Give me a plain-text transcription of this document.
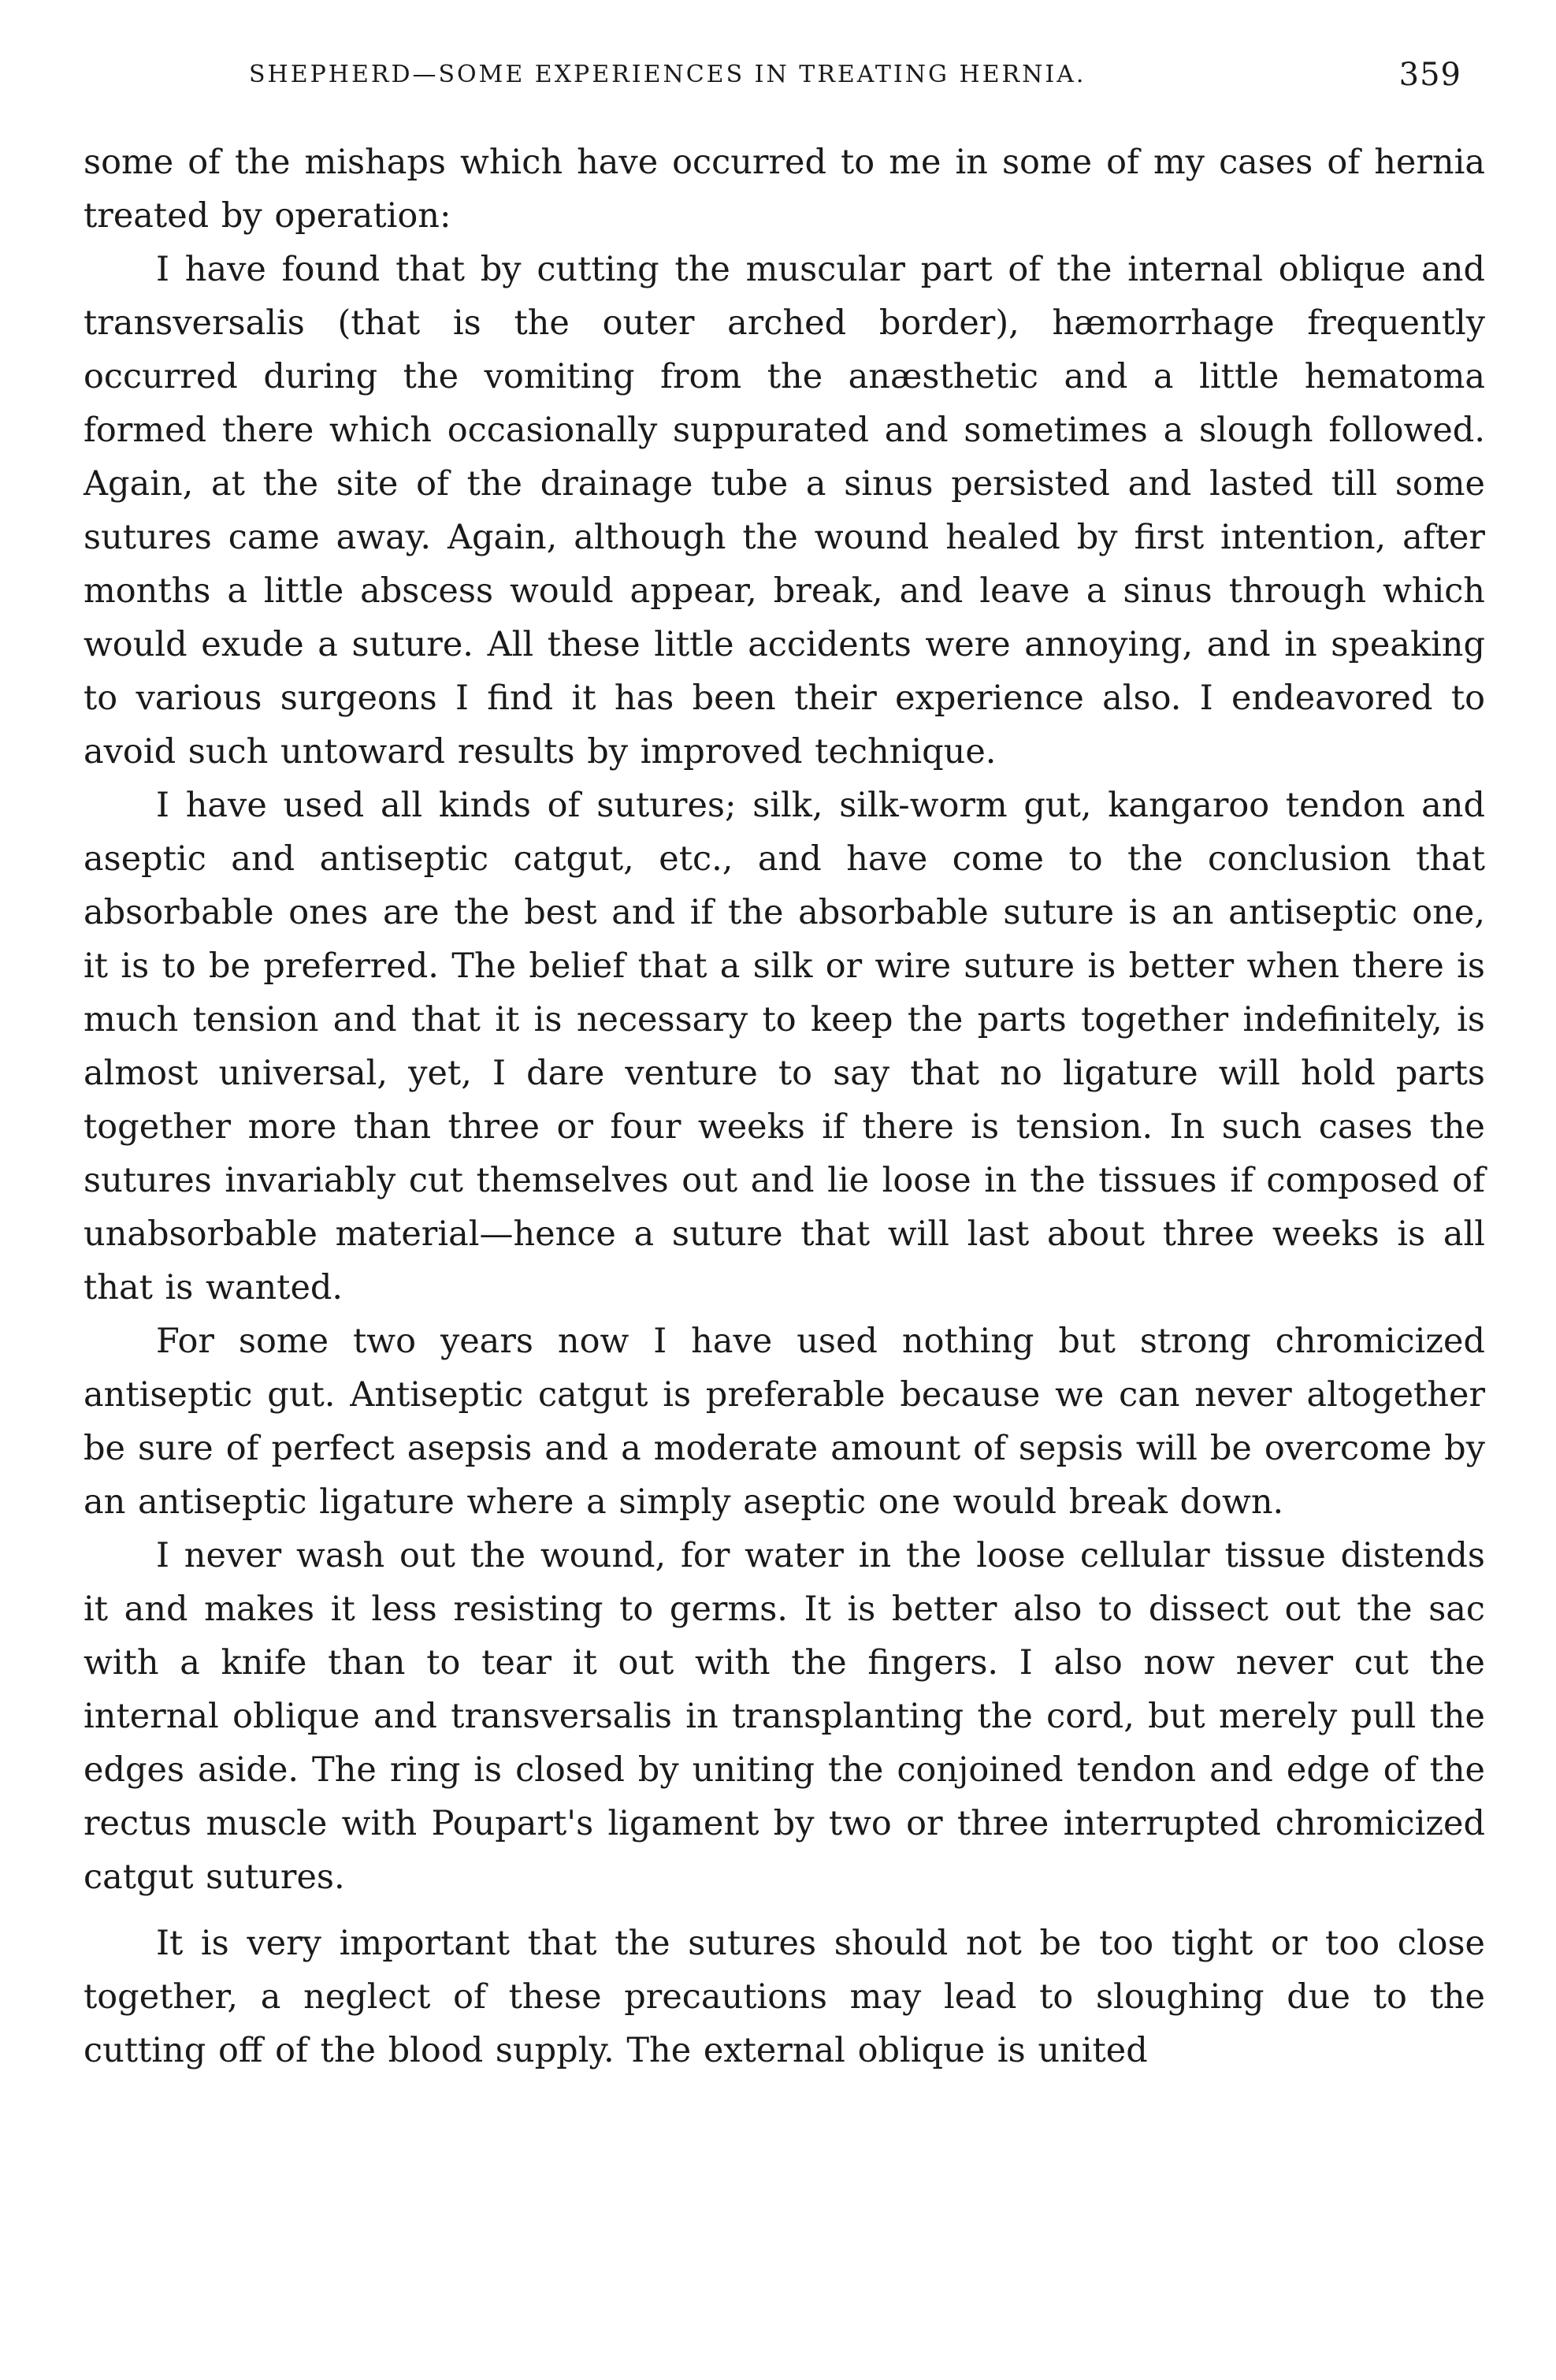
SHEPHERD—SOME EXPERIENCES IN TREATING HERNIA.	359

some of the mishaps which have occurred to me in some of my cases of hernia treated by operation:

I have found that by cutting the muscular part of the internal oblique and transversalis (that is the outer arched border), hæmorrhage frequently occurred during the vomiting from the anæsthetic and a little hematoma formed there which occasionally suppurated and sometimes a slough followed. Again, at the site of the drainage tube a sinus persisted and lasted till some sutures came away. Again, although the wound healed by first intention, after months a little abscess would appear, break, and leave a sinus through which would exude a suture. All these little accidents were annoying, and in speaking to various surgeons I find it has been their experience also. I endeavored to avoid such untoward results by improved technique.

I have used all kinds of sutures; silk, silk-worm gut, kangaroo tendon and aseptic and antiseptic catgut, etc., and have come to the conclusion that absorbable ones are the best and if the absorbable suture is an antiseptic one, it is to be preferred. The belief that a silk or wire suture is better when there is much tension and that it is necessary to keep the parts together indefinitely, is almost universal, yet, I dare venture to say that no ligature will hold parts together more than three or four weeks if there is tension. In such cases the sutures invariably cut themselves out and lie loose in the tissues if composed of unabsorbable material—hence a suture that will last about three weeks is all that is wanted.

For some two years now I have used nothing but strong chromicized antiseptic gut. Antiseptic catgut is preferable because we can never altogether be sure of perfect asepsis and a moderate amount of sepsis will be overcome by an antiseptic ligature where a simply aseptic one would break down.

I never wash out the wound, for water in the loose cellular tissue distends it and makes it less resisting to germs. It is better also to dissect out the sac with a knife than to tear it out with the fingers. I also now never cut the internal oblique and transversalis in transplanting the cord, but merely pull the edges aside. The ring is closed by uniting the conjoined tendon and edge of the rectus muscle with Poupart's ligament by two or three interrupted chromicized catgut sutures.

It is very important that the sutures should not be too tight or too close together, a neglect of these precautions may lead to sloughing due to the cutting off of the blood supply. The external oblique is united
